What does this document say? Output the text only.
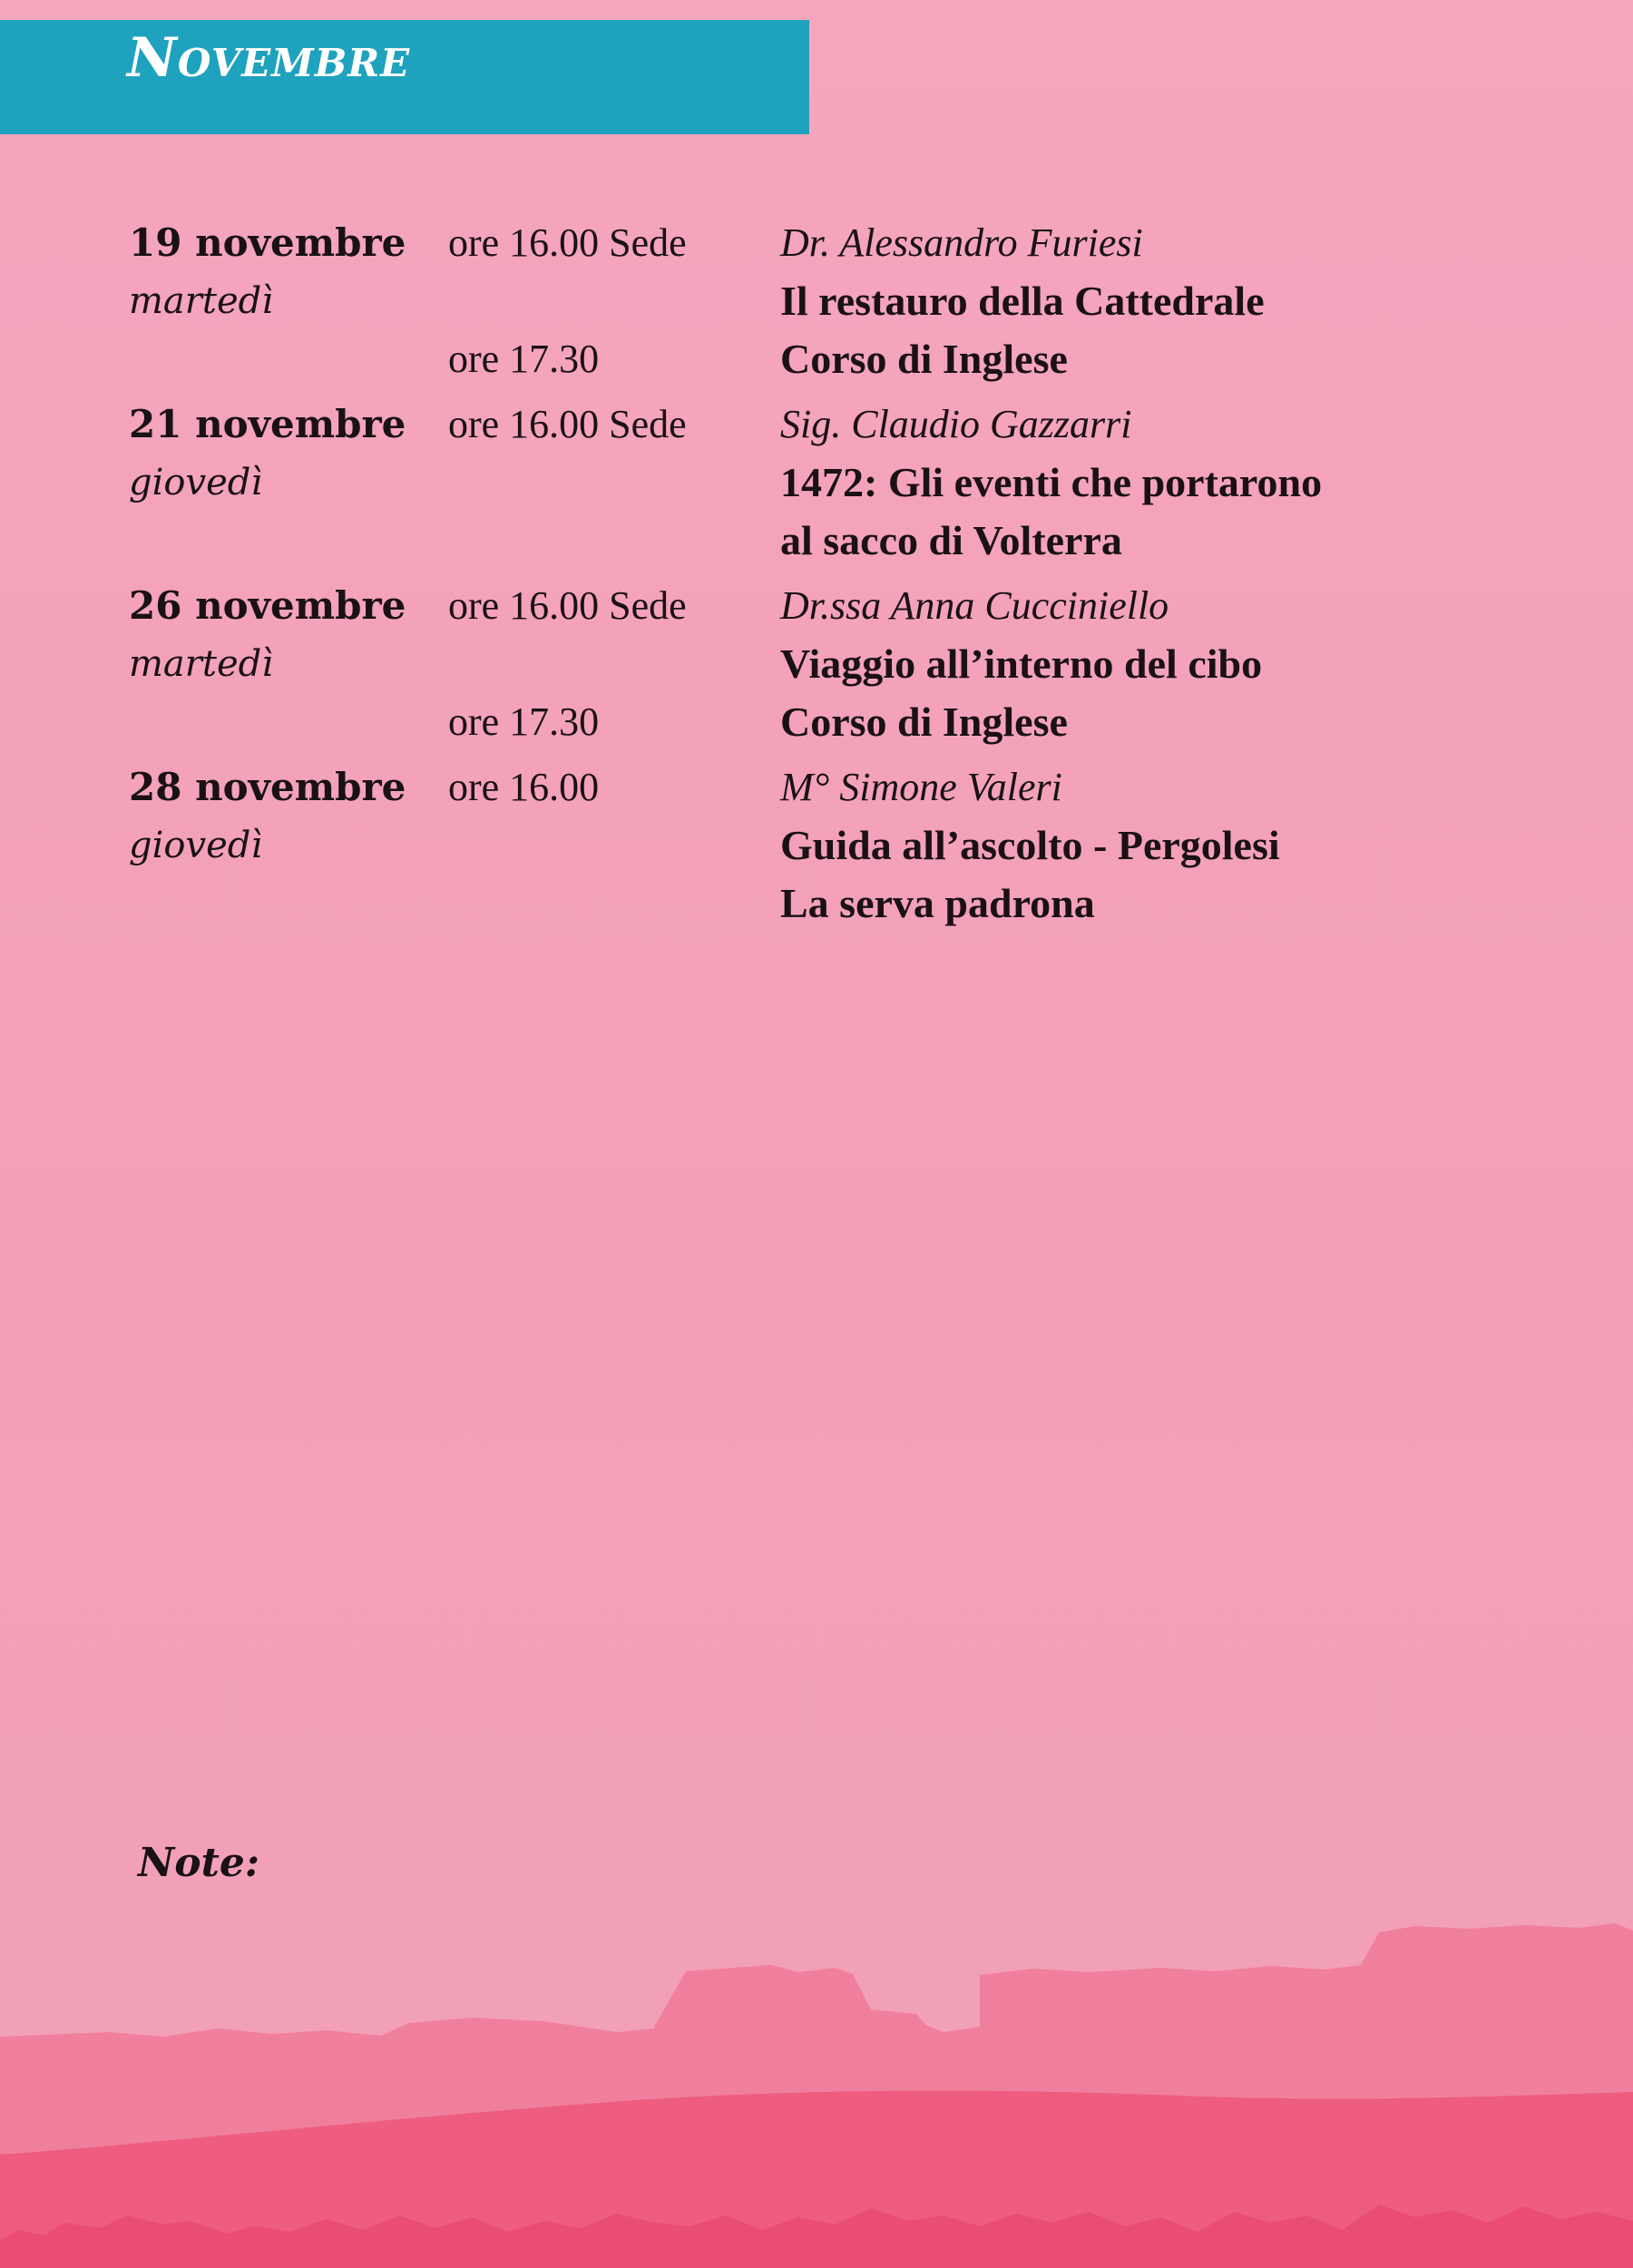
Novembre
19 novembre
martedì
ore 16.00 Sede	Dr. Alessandro Furiesi
Il restauro della Cattedrale
ore 17.30	Corso di Inglese
21 novembre
giovedì
ore 16.00 Sede	Sig. Claudio Gazzarri
1472: Gli eventi che portarono
al sacco di Volterra
26 novembre
martedì
ore 16.00 Sede	Dr.ssa Anna Cucciniello
Viaggio all’interno del cibo
ore 17.30	Corso di Inglese
28 novembre
giovedì
ore 16.00	M° Simone Valeri
Guida all’ascolto - Pergolesi
La serva padrona
Note:
